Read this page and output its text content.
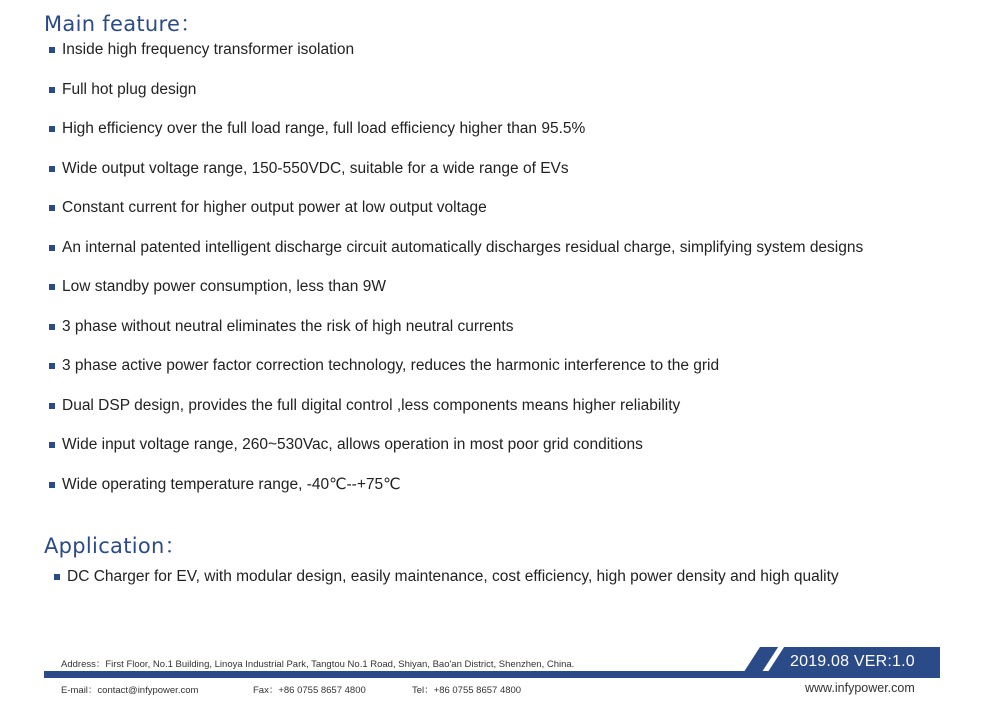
Main feature：
Inside high frequency transformer isolation
Full hot plug design
High efficiency over the full load range, full load efficiency higher than 95.5%
Wide output voltage range, 150-550VDC, suitable for a wide range of EVs
Constant current for higher output power at low output voltage
An internal patented intelligent discharge circuit automatically discharges residual charge, simplifying system designs
Low standby power consumption, less than 9W
3 phase without neutral eliminates the risk of high neutral currents
3 phase active power factor correction technology, reduces the harmonic interference to the grid
Dual DSP design, provides the full digital control ,less components means higher reliability
Wide input voltage range, 260~530Vac, allows operation in most poor grid conditions
Wide operating temperature range, -40℃--+75℃
Application：
DC Charger for EV, with modular design, easily maintenance, cost efficiency, high power density and high quality
Address：First Floor, No.1 Building, Linoya Industrial Park, Tangtou No.1 Road, Shiyan, Bao'an District, Shenzhen, China.	2019.08 VER:1.0
E-mail：contact@infypower.com	Fax：+86 0755 8657 4800	Tel：+86 0755 8657 4800	www.infypower.com
